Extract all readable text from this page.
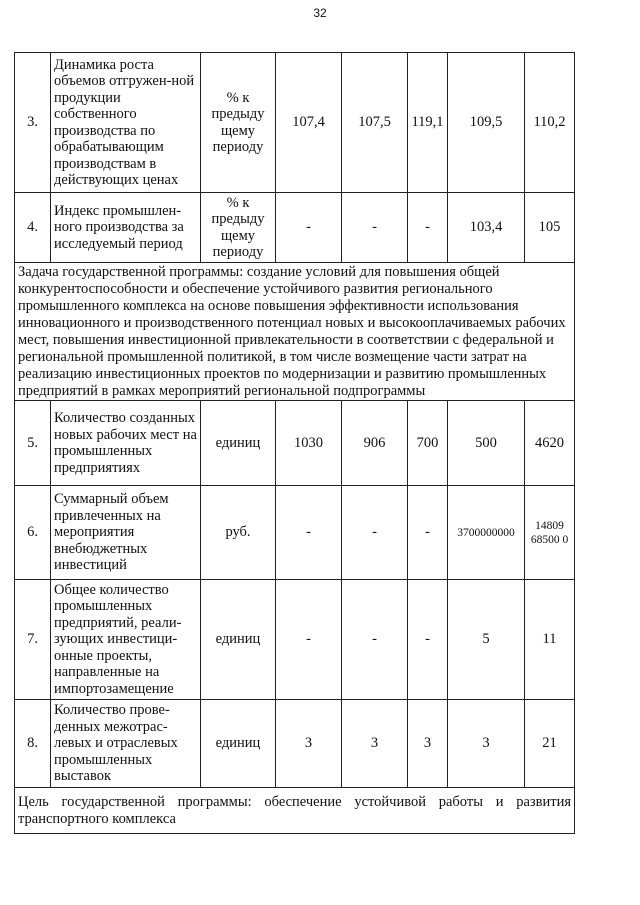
32
3.	Динамика роста объемов отгружен-ной продукции собственного производства по обрабатывающим производствам в действующих ценах	% к предыду щему периоду	107,4	107,5	119,1	109,5	110,2
4.	Индекс промышлен-ного производства за исследуемый период	% к предыду щему периоду	-	-	-	103,4	105
Задача государственной программы: создание условий для повышения общей конкурентоспособности и обеспечение устойчивого развития регионального промышленного комплекса на основе повышения эффективности использования инновационного и производственного потенциал новых и высокооплачиваемых рабочих мест, повышения инвестиционной привлекательности в соответствии с федеральной и региональной промышленной политикой, в том числе возмещение части затрат на реализацию инвестиционных проектов по модернизации и развитию промышленных предприятий в рамках мероприятий региональной подпрограммы							
5.	Количество созданных новых рабочих мест на промышленных предприятиях	единиц	1030	906	700	500	4620
6.	Суммарный объем привлеченных на мероприятия внебюджетных инвестиций	руб.	-	-	-	3700000000	14809 68500 0
7.	Общее количество промышленных предприятий, реали-зующих инвестици-онные проекты, направленные на импортозамещение	единиц	-	-	-	5	11
8.	Количество прове-денных межотрас-левых и отраслевых промышленных выставок	единиц	3	3	3	3	21
Цель государственной программы: обеспечение устойчивой работы и развития транспортного комплекса							
